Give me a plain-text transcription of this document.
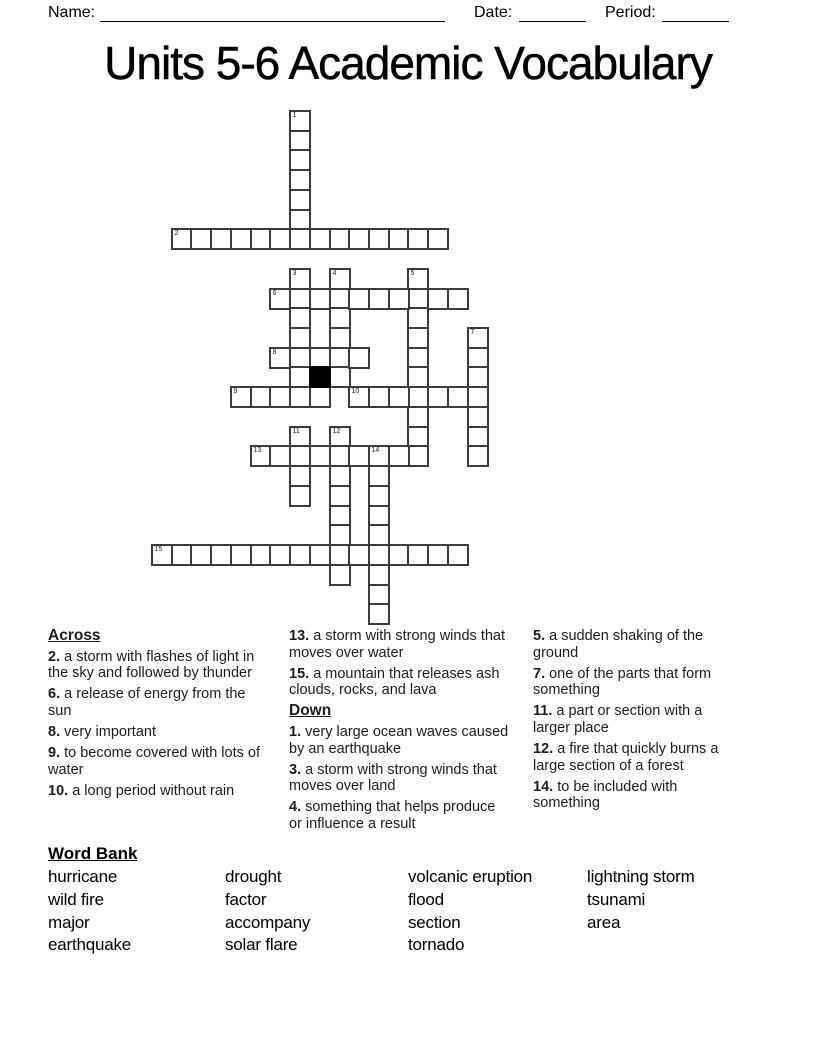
Name:	Date:	Period:
Units 5-6 Academic Vocabulary
1
2
3	4	5
6
7
8
9	10
11	12
13	14
15
Across
2. a storm with flashes of light in the sky and followed by thunder
6. a release of energy from the sun
8. very important
9. to become covered with lots of water
10. a long period without rain
13. a storm with strong winds that moves over water
15. a mountain that releases ash clouds, rocks, and lava
Down
1. very large ocean waves caused by an earthquake
3. a storm with strong winds that moves over land
4. something that helps produce or influence a result
5. a sudden shaking of the ground
7. one of the parts that form something
11. a part or section with a larger place
12. a fire that quickly burns a large section of a forest
14. to be included with something
Word Bank
hurricane
wild fire
major
earthquake
drought
factor
accompany
solar flare
volcanic eruption
flood
section
tornado
lightning storm
tsunami
area
